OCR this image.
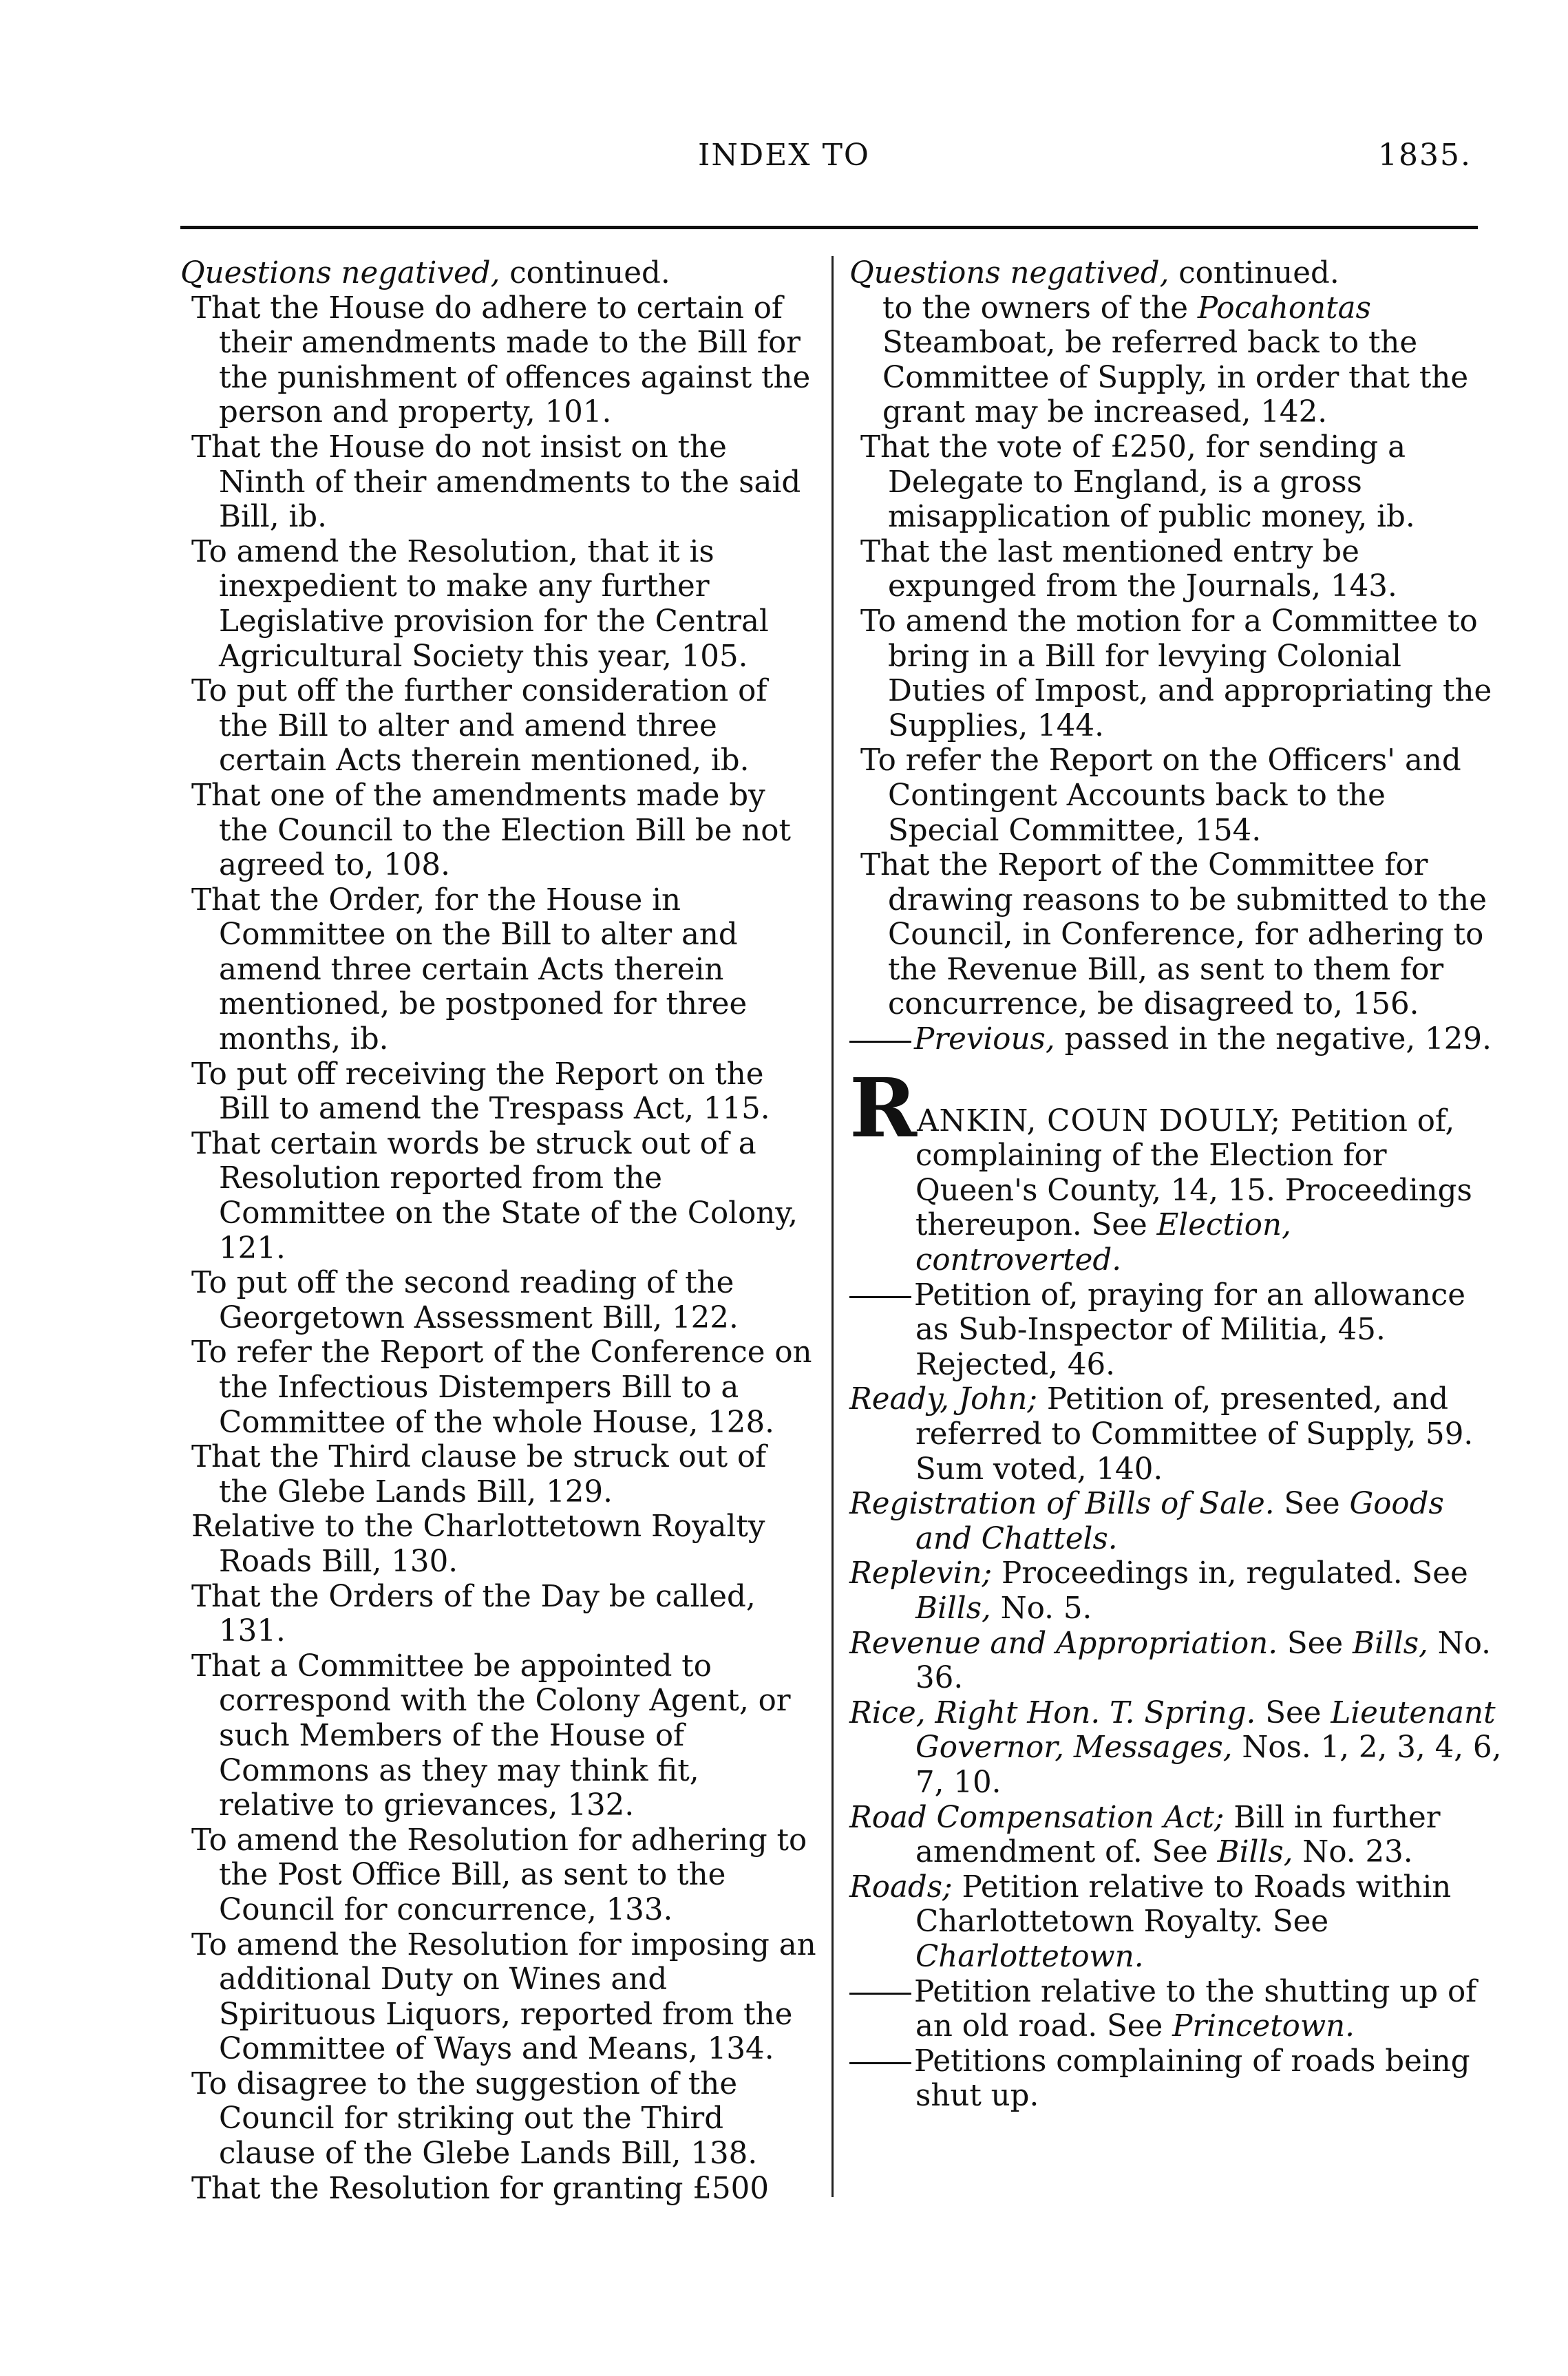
INDEX TO	1835.

Questions negatived, continued.

That the House do adhere to certain of their amendments made to the Bill for the punishment of offences against the person and property, 101.

That the House do not insist on the Ninth of their amendments to the said Bill, ib.

To amend the Resolution, that it is inexpedient to make any further Legislative provision for the Central Agricultural Society this year, 105.

To put off the further consideration of the Bill to alter and amend three certain Acts therein mentioned, ib.

That one of the amendments made by the Council to the Election Bill be not agreed to, 108.

That the Order, for the House in Committee on the Bill to alter and amend three certain Acts therein mentioned, be postponed for three months, ib.

To put off receiving the Report on the Bill to amend the Trespass Act, 115.

That certain words be struck out of a Resolution reported from the Committee on the State of the Colony, 121.

To put off the second reading of the Georgetown Assessment Bill, 122.

To refer the Report of the Conference on the Infectious Distempers Bill to a Committee of the whole House, 128.

That the Third clause be struck out of the Glebe Lands Bill, 129.

Relative to the Charlottetown Royalty Roads Bill, 130.

That the Orders of the Day be called, 131.

That a Committee be appointed to correspond with the Colony Agent, or such Members of the House of Commons as they may think fit, relative to grievances, 132.

To amend the Resolution for adhering to the Post Office Bill, as sent to the Council for concurrence, 133.

To amend the Resolution for imposing an additional Duty on Wines and Spirituous Liquors, reported from the Committee of Ways and Means, 134.

To disagree to the suggestion of the Council for striking out the Third clause of the Glebe Lands Bill, 138.

That the Resolution for granting £500

Questions negatived, continued.

to the owners of the Pocahontas Steamboat, be referred back to the Committee of Supply, in order that the grant may be increased, 142.

That the vote of £250, for sending a Delegate to England, is a gross misapplication of public money, ib.

That the last mentioned entry be expunged from the Journals, 143.

To amend the motion for a Committee to bring in a Bill for levying Colonial Duties of Impost, and appropriating the Supplies, 144.

To refer the Report on the Officers' and Contingent Accounts back to the Special Committee, 154.

That the Report of the Committee for drawing reasons to be submitted to the Council, in Conference, for adhering to the Revenue Bill, as sent to them for concurrence, be disagreed to, 156.

Previous, passed in the negative, 129.

RANKIN, COUN DOULY; Petition of, complaining of the Election for Queen's County, 14, 15. Proceedings thereupon. See Election, controverted.

Petition of, praying for an allowance as Sub-Inspector of Militia, 45. Rejected, 46.

Ready, John; Petition of, presented, and referred to Committee of Supply, 59. Sum voted, 140.

Registration of Bills of Sale. See Goods and Chattels.

Replevin; Proceedings in, regulated. See Bills, No. 5.

Revenue and Appropriation. See Bills, No. 36.

Rice, Right Hon. T. Spring. See Lieutenant Governor, Messages, Nos. 1, 2, 3, 4, 6, 7, 10.

Road Compensation Act; Bill in further amendment of. See Bills, No. 23.

Roads; Petition relative to Roads within Charlottetown Royalty. See Charlottetown.

Petition relative to the shutting up of an old road. See Princetown.

Petitions complaining of roads being shut up.
